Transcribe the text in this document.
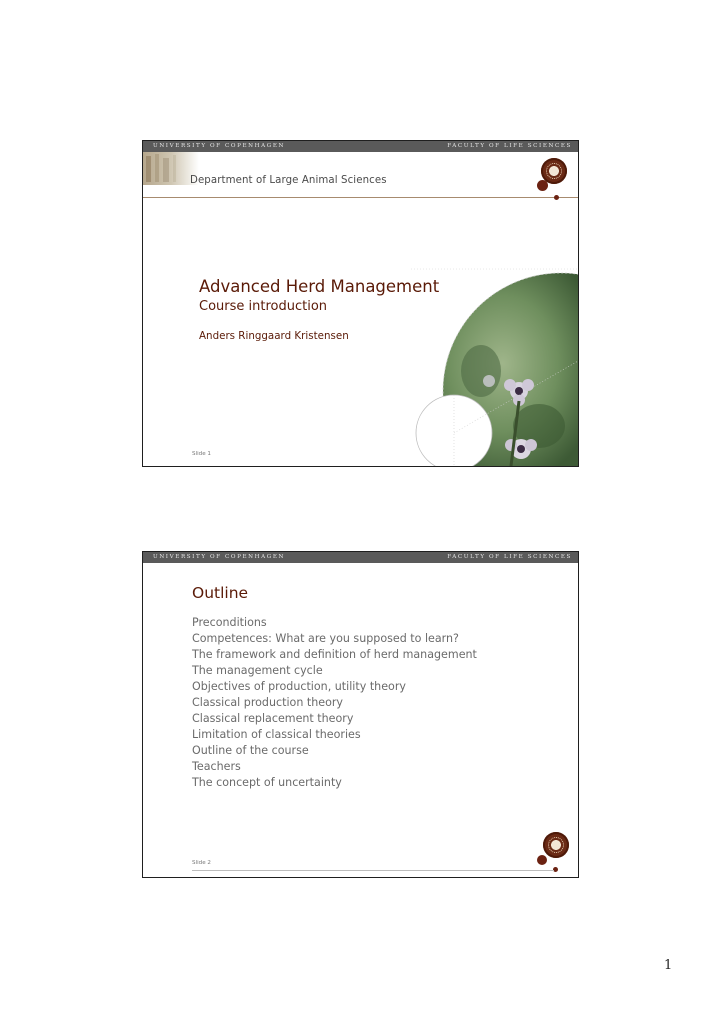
UNIVERSITY OF COPENHAGEN	FACULTY OF LIFE SCIENCES
Department of Large Animal Sciences
Advanced Herd Management
Course introduction
Anders Ringgaard Kristensen
Slide 1
UNIVERSITY OF COPENHAGEN	FACULTY OF LIFE SCIENCES
Outline
Preconditions
Competences: What are you supposed to learn?
The framework and definition of herd management
The management cycle
Objectives of production, utility theory
Classical production theory
Classical replacement theory
Limitation of classical theories
Outline of the course
Teachers
The concept of uncertainty
Slide 2
1
